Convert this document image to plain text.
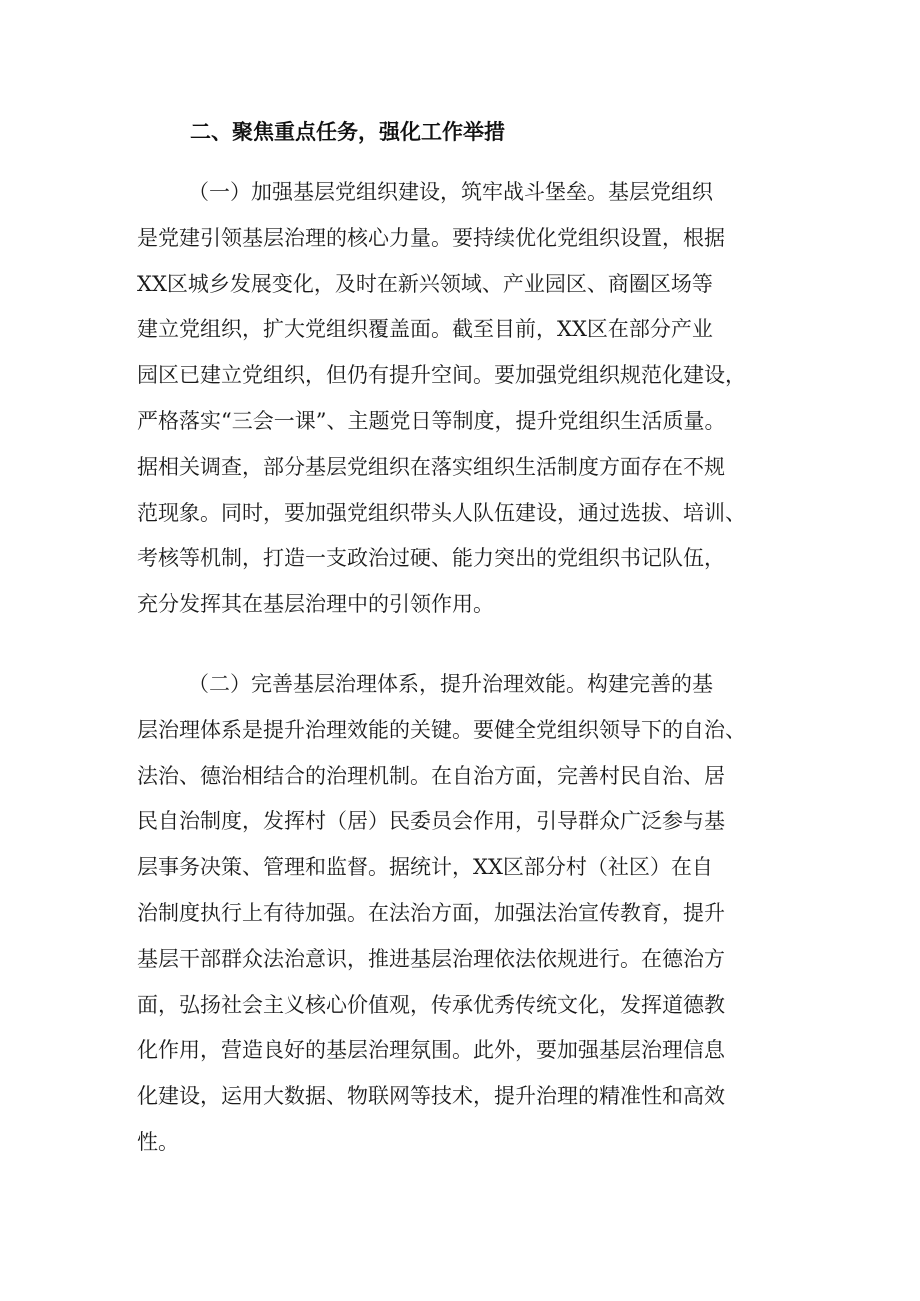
二、聚焦重点任务，强化工作举措
（一）加强基层党组织建设，筑牢战斗堡垒。基层党组织
是党建引领基层治理的核心力量。要持续优化党组织设置，根据
XX区城乡发展变化，及时在新兴领域、产业园区、商圈区场等
建立党组织，扩大党组织覆盖面。截至目前，XX区在部分产业
园区已建立党组织，但仍有提升空间。要加强党组织规范化建设，
严格落实“三会一课”、主题党日等制度，提升党组织生活质量。
据相关调查，部分基层党组织在落实组织生活制度方面存在不规
范现象。同时，要加强党组织带头人队伍建设，通过选拔、培训、
考核等机制，打造一支政治过硬、能力突出的党组织书记队伍，
充分发挥其在基层治理中的引领作用。
（二）完善基层治理体系，提升治理效能。构建完善的基
层治理体系是提升治理效能的关键。要健全党组织领导下的自治、
法治、德治相结合的治理机制。在自治方面，完善村民自治、居
民自治制度，发挥村（居）民委员会作用，引导群众广泛参与基
层事务决策、管理和监督。据统计，XX区部分村（社区）在自
治制度执行上有待加强。在法治方面，加强法治宣传教育，提升
基层干部群众法治意识，推进基层治理依法依规进行。在德治方
面，弘扬社会主义核心价值观，传承优秀传统文化，发挥道德教
化作用，营造良好的基层治理氛围。此外，要加强基层治理信息
化建设，运用大数据、物联网等技术，提升治理的精准性和高效
性。
